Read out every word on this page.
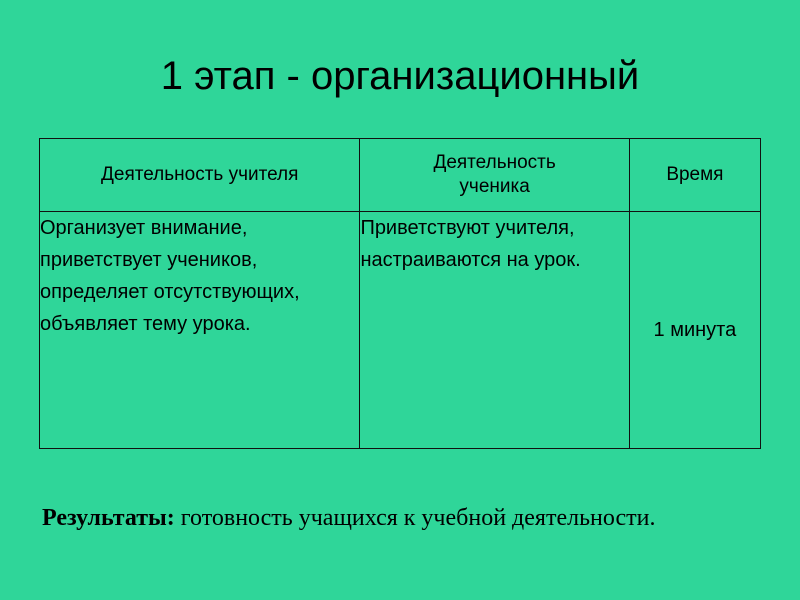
1 этап - организационный
Деятельность учителя	Деятельность ученика	Время
Организует внимание, приветствует учеников, определяет отсутствующих, объявляет тему урока.	Приветствуют учителя, настраиваются на урок.	1 минута
Результаты: готовность учащихся к учебной деятельности.
